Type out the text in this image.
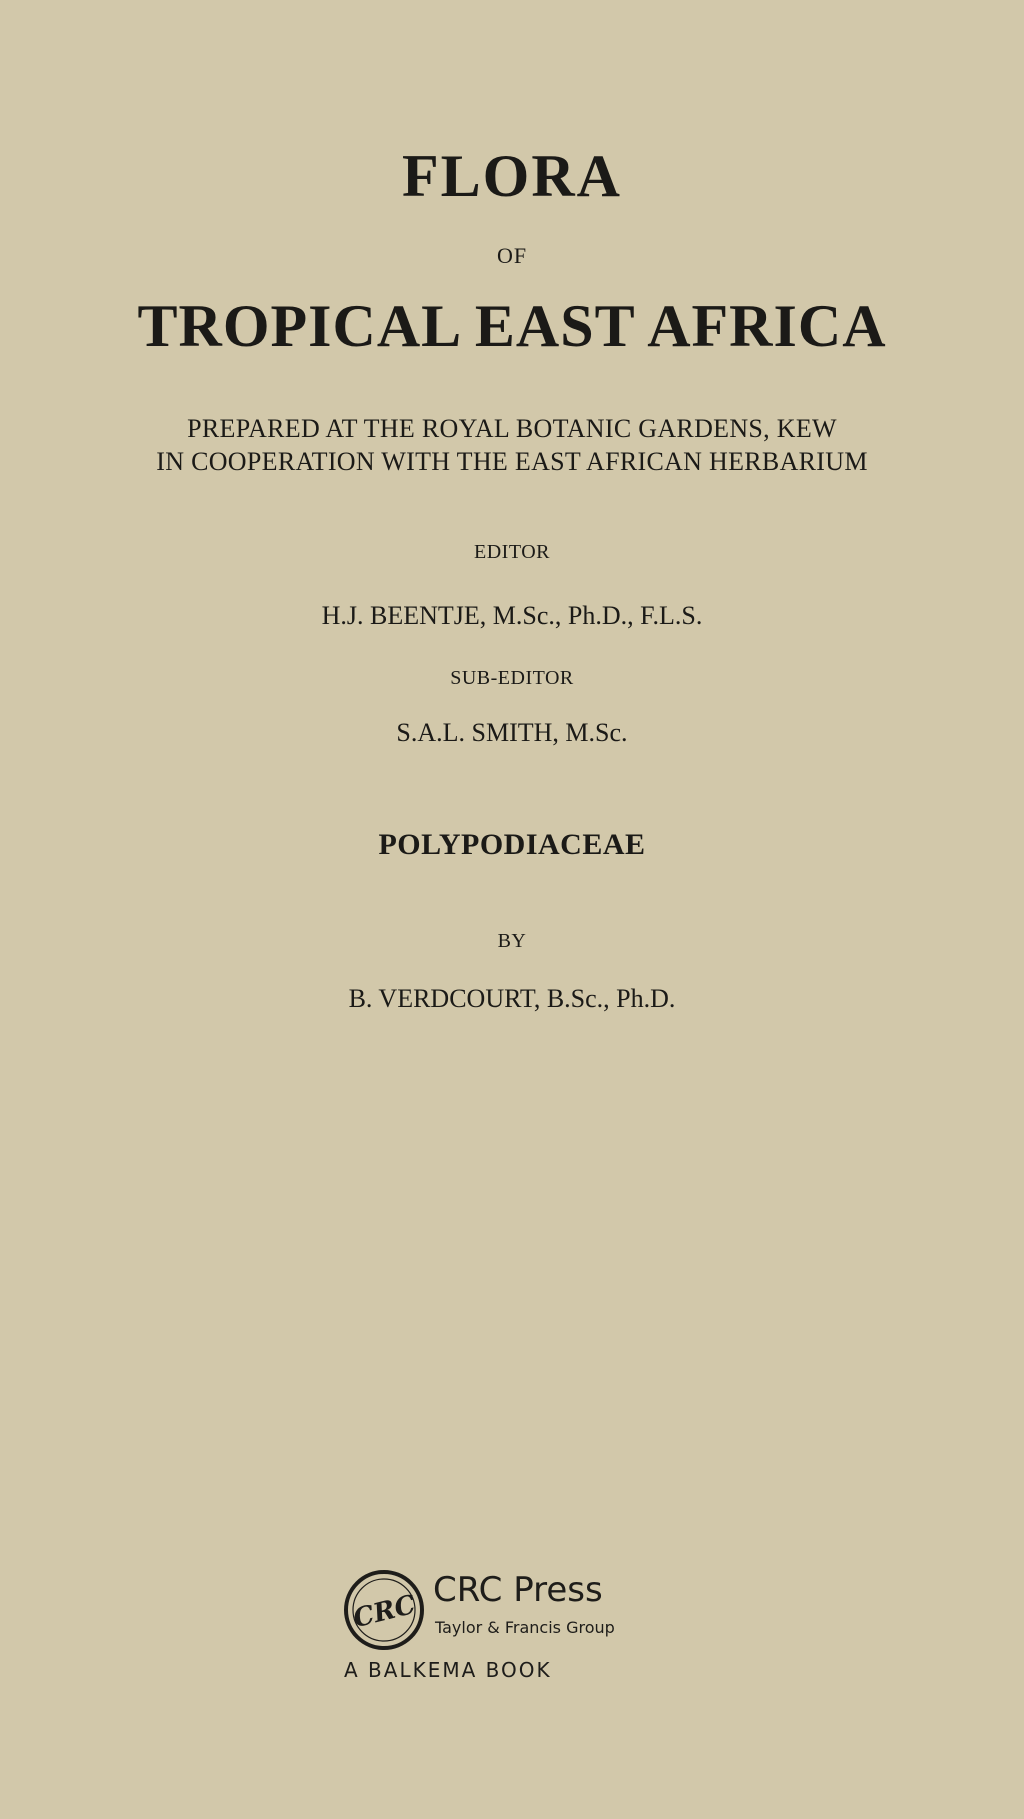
FLORA
OF
TROPICAL EAST AFRICA
PREPARED AT THE ROYAL BOTANIC GARDENS, KEW
IN COOPERATION WITH THE EAST AFRICAN HERBARIUM
EDITOR
H.J. BEENTJE, M.Sc., Ph.D., F.L.S.
SUB-EDITOR
S.A.L. SMITH, M.Sc.
POLYPODIACEAE
BY
B. VERDCOURT, B.Sc., Ph.D.
CRC CRC Press
Taylor & Francis Group
A BALKEMA BOOK
